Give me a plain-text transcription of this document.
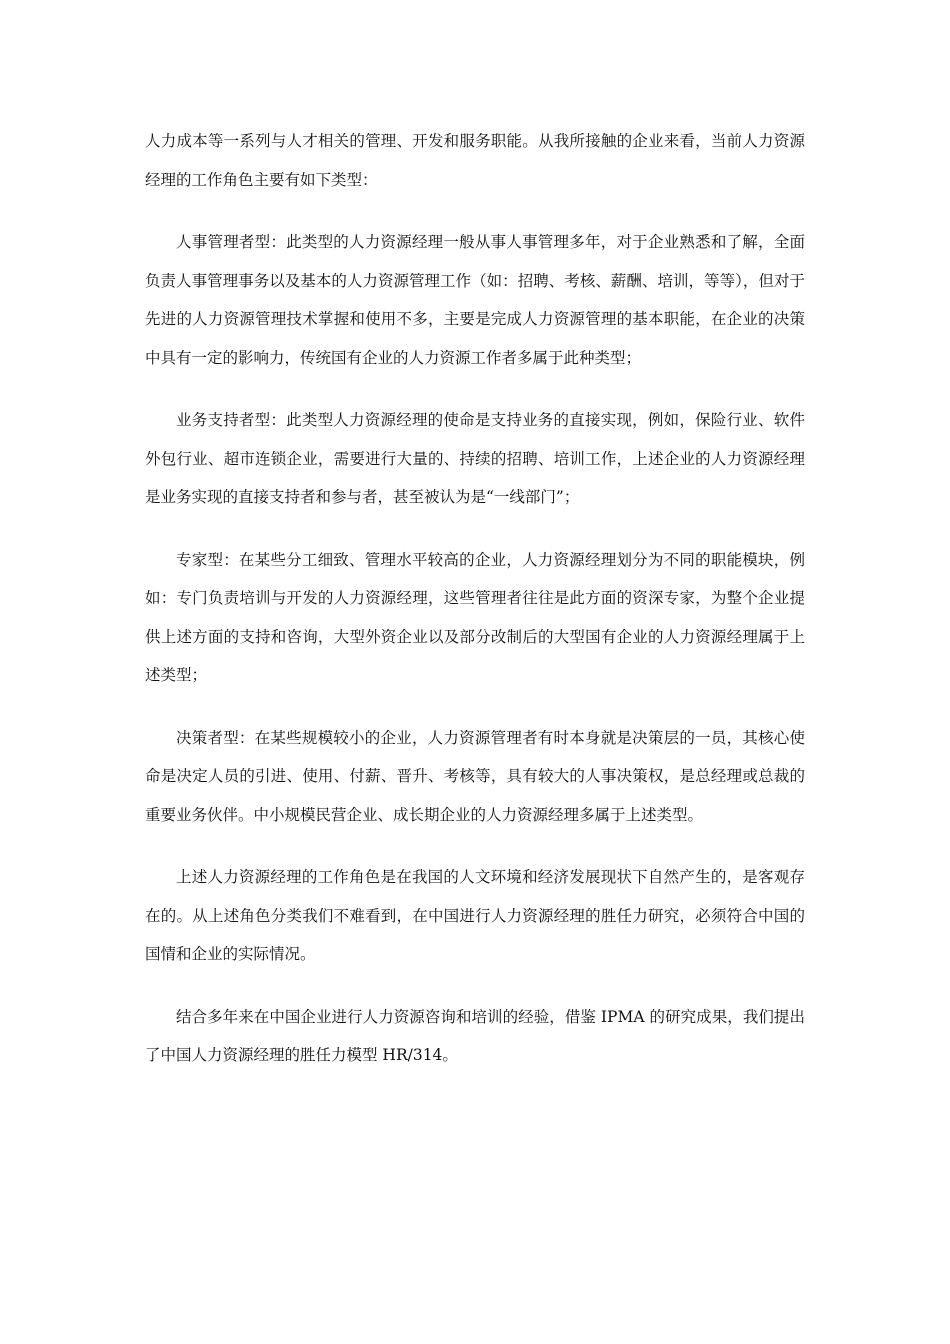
人力成本等一系列与人才相关的管理、开发和服务职能。从我所接触的企业来看，当前人力资源经理的工作角色主要有如下类型：

人事管理者型：此类型的人力资源经理一般从事人事管理多年，对于企业熟悉和了解，全面负责人事管理事务以及基本的人力资源管理工作（如：招聘、考核、薪酬、培训，等等），但对于先进的人力资源管理技术掌握和使用不多，主要是完成人力资源管理的基本职能，在企业的决策中具有一定的影响力，传统国有企业的人力资源工作者多属于此种类型；

业务支持者型：此类型人力资源经理的使命是支持业务的直接实现，例如，保险行业、软件外包行业、超市连锁企业，需要进行大量的、持续的招聘、培训工作，上述企业的人力资源经理是业务实现的直接支持者和参与者，甚至被认为是“一线部门”；

专家型：在某些分工细致、管理水平较高的企业，人力资源经理划分为不同的职能模块，例如：专门负责培训与开发的人力资源经理，这些管理者往往是此方面的资深专家，为整个企业提供上述方面的支持和咨询，大型外资企业以及部分改制后的大型国有企业的人力资源经理属于上述类型；

决策者型：在某些规模较小的企业，人力资源管理者有时本身就是决策层的一员，其核心使命是决定人员的引进、使用、付薪、晋升、考核等，具有较大的人事决策权，是总经理或总裁的重要业务伙伴。中小规模民营企业、成长期企业的人力资源经理多属于上述类型。

上述人力资源经理的工作角色是在我国的人文环境和经济发展现状下自然产生的，是客观存在的。从上述角色分类我们不难看到，在中国进行人力资源经理的胜任力研究，必须符合中国的国情和企业的实际情况。

结合多年来在中国企业进行人力资源咨询和培训的经验，借鉴 IPMA 的研究成果，我们提出了中国人力资源经理的胜任力模型 HR/314。
